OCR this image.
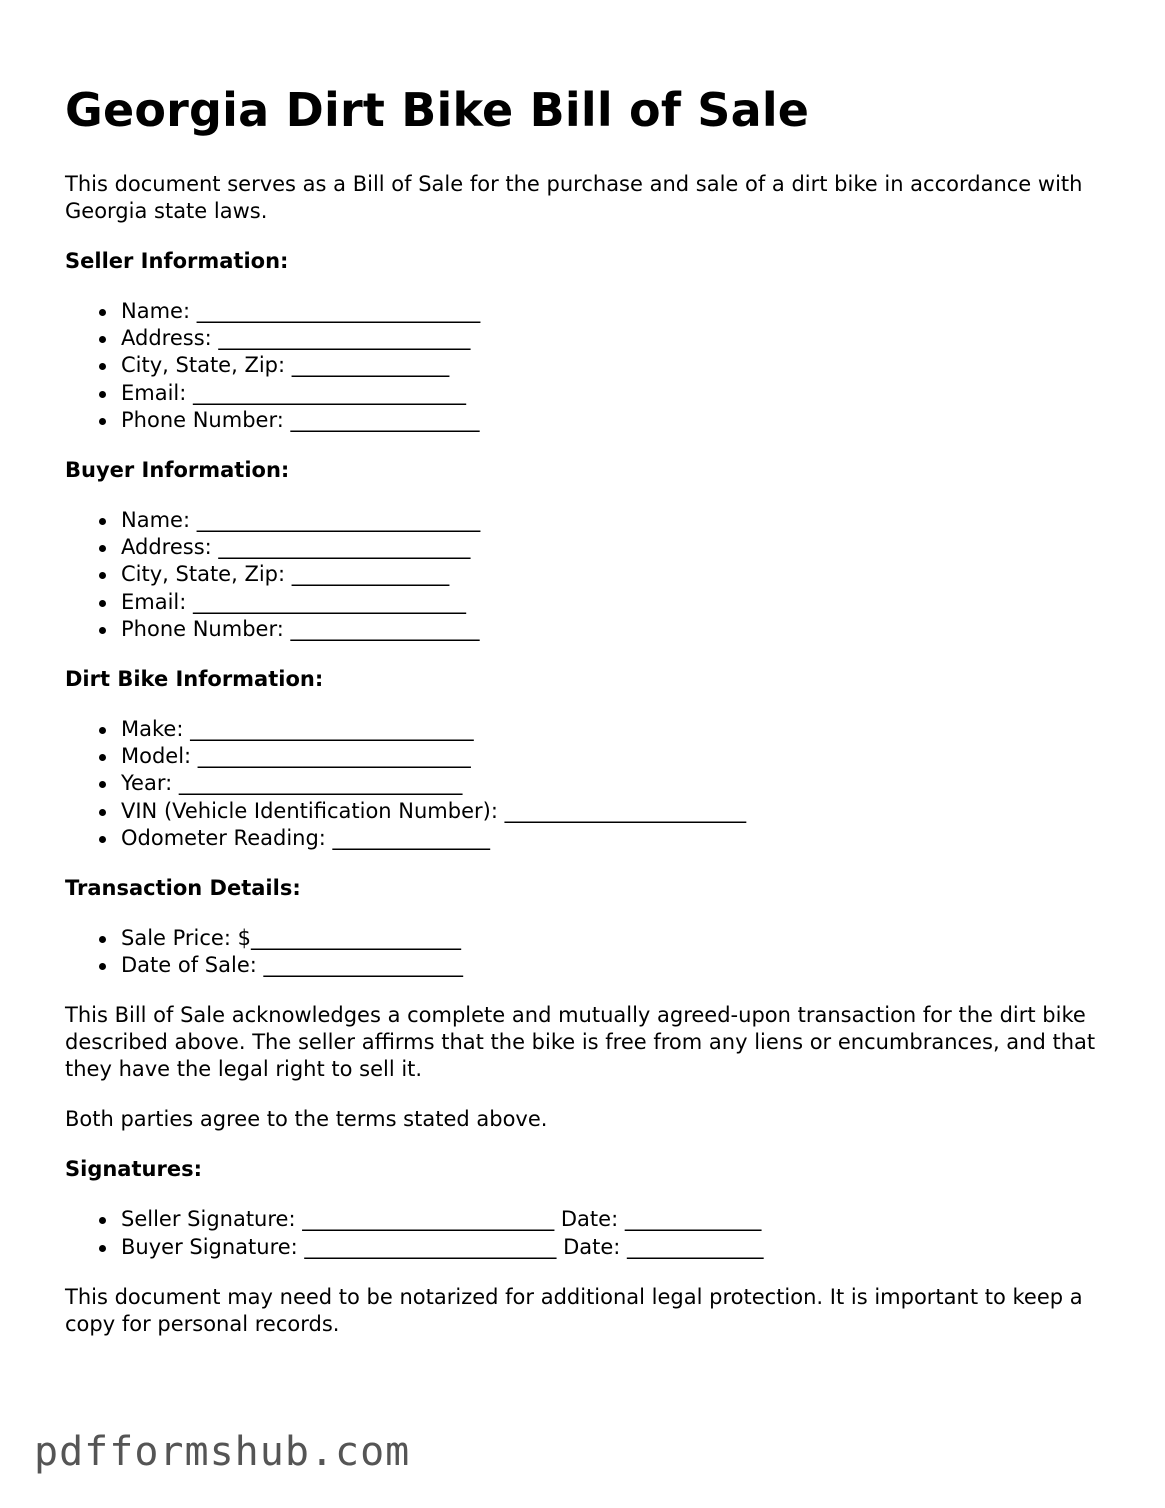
Georgia Dirt Bike Bill of Sale

This document serves as a Bill of Sale for the purchase and sale of a dirt bike in accordance with Georgia state laws.

Seller Information:
Name: ___________________________
Address: ________________________
City, State, Zip: _______________
Email: __________________________
Phone Number: __________________
Buyer Information:
Name: ___________________________
Address: ________________________
City, State, Zip: _______________
Email: __________________________
Phone Number: __________________
Dirt Bike Information:
Make: ___________________________
Model: __________________________
Year: ___________________________
VIN (Vehicle Identification Number): _______________________
Odometer Reading: _______________
Transaction Details:
Sale Price: $____________________
Date of Sale: ___________________

This Bill of Sale acknowledges a complete and mutually agreed-upon transaction for the dirt bike described above. The seller affirms that the bike is free from any liens or encumbrances, and that they have the legal right to sell it.

Both parties agree to the terms stated above.

Signatures:
Seller Signature: ________________________ Date: _____________
Buyer Signature: ________________________ Date: _____________

This document may need to be notarized for additional legal protection. It is important to keep a copy for personal records.

pdfformshub.com
